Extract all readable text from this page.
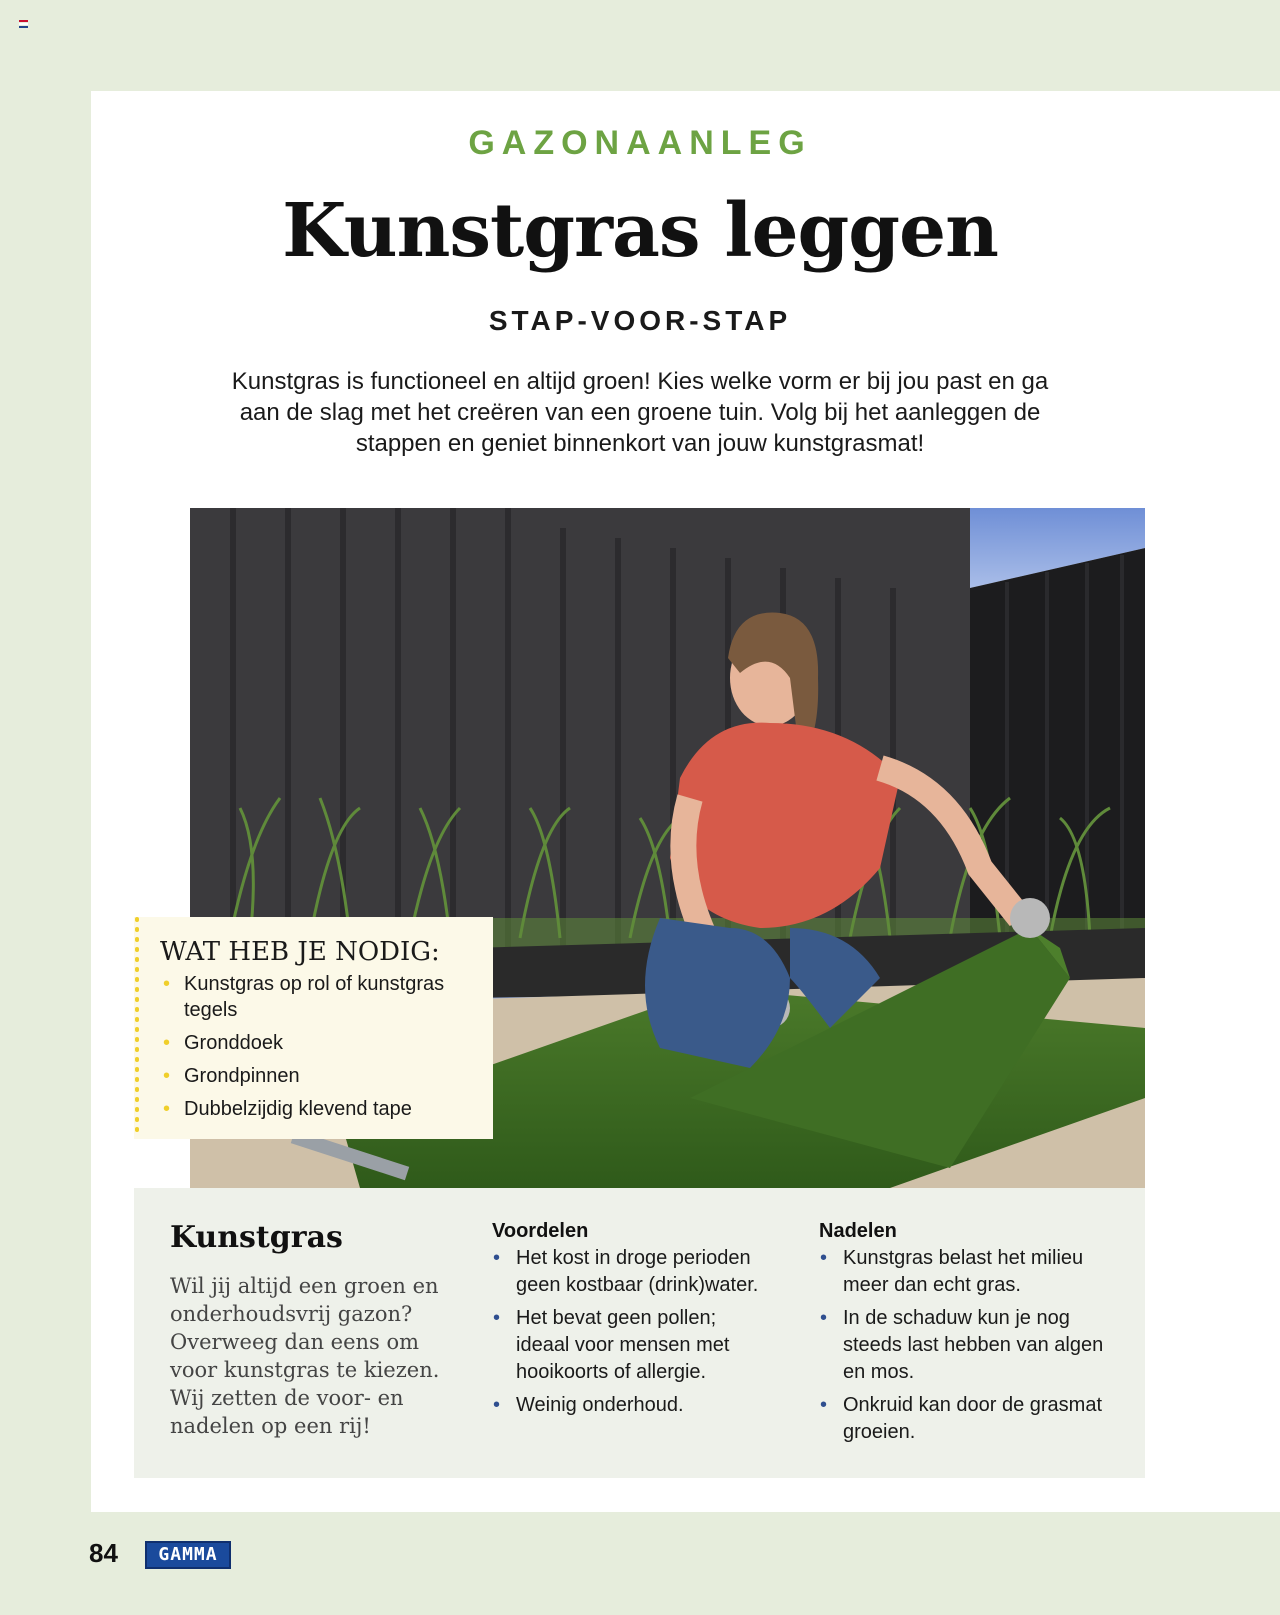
GAZONAANLEG
Kunstgras leggen
STAP-VOOR-STAP

Kunstgras is functioneel en altijd groen! Kies welke vorm er bij jou past en ga aan de slag met het creëren van een groene tuin. Volg bij het aanleggen de stappen en geniet binnenkort van jouw kunstgrasmat!

WAT HEB JE NODIG:
• Kunstgras op rol of kunstgras tegels
• Gronddoek
• Grondpinnen
• Dubbelzijdig klevend tape
Kunstgras

Wil jij altijd een groen en onderhoudsvrij gazon? Overweeg dan eens om voor kunstgras te kiezen. Wij zetten de voor- en nadelen op een rij!

Voordelen
• Het kost in droge perioden geen kostbaar (drink)water.
• Het bevat geen pollen; ideaal voor mensen met hooikoorts of allergie.
• Weinig onderhoud.
Nadelen
• Kunstgras belast het milieu meer dan echt gras.
• In de schaduw kun je nog steeds last hebben van algen en mos.
• Onkruid kan door de grasmat groeien.
84	GAMMA
